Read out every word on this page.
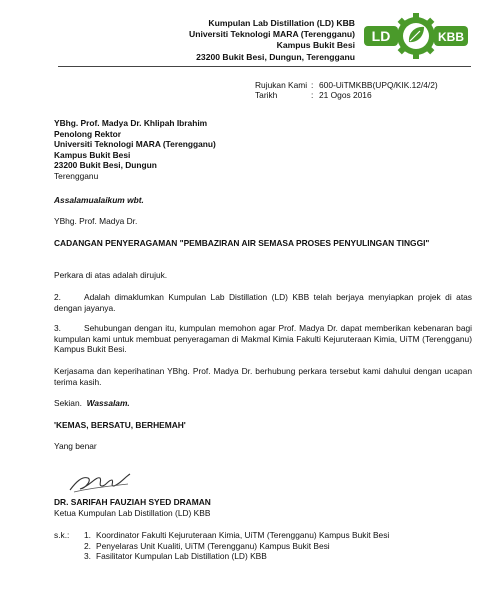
Kumpulan Lab Distillation (LD) KBB
Universiti Teknologi MARA (Terengganu)
Kampus Bukit Besi
23200 Bukit Besi, Dungun, Terengganu
LD	KBB
Rujukan Kami : 600-UiTMKBB(UPQ/KIK.12/4/2)
Tarikh	: 21 Ogos 2016
YBhg. Prof. Madya Dr. Khlipah Ibrahim
Penolong Rektor
Universiti Teknologi MARA (Terengganu)
Kampus Bukit Besi
23200 Bukit Besi, Dungun
Terengganu
Assalamualaikum wbt.
YBhg. Prof. Madya Dr.
CADANGAN PENYERAGAMAN "PEMBAZIRAN AIR SEMASA PROSES PENYULINGAN TINGGI"
Perkara di atas adalah dirujuk.
2.	Adalah dimaklumkan Kumpulan Lab Distillation (LD) KBB telah berjaya menyiapkan projek di atas dengan jayanya.
3.	Sehubungan dengan itu, kumpulan memohon agar Prof. Madya Dr. dapat memberikan kebenaran bagi kumpulan kami untuk membuat penyeragaman di Makmal Kimia Fakulti Kejuruteraan Kimia, UiTM (Terengganu) Kampus Bukit Besi.
Kerjasama dan keperihatinan YBhg. Prof. Madya Dr. berhubung perkara tersebut kami dahului dengan ucapan terima kasih.
Sekian. Wassalam.
'KEMAS, BERSATU, BERHEMAH'
Yang benar
DR. SARIFAH FAUZIAH SYED DRAMAN
Ketua Kumpulan Lab Distillation (LD) KBB
s.k.:	1. Koordinator Fakulti Kejuruteraan Kimia, UiTM (Terengganu) Kampus Bukit Besi
2. Penyelaras Unit Kualiti, UiTM (Terengganu) Kampus Bukit Besi
3. Fasilitator Kumpulan Lab Distillation (LD) KBB
